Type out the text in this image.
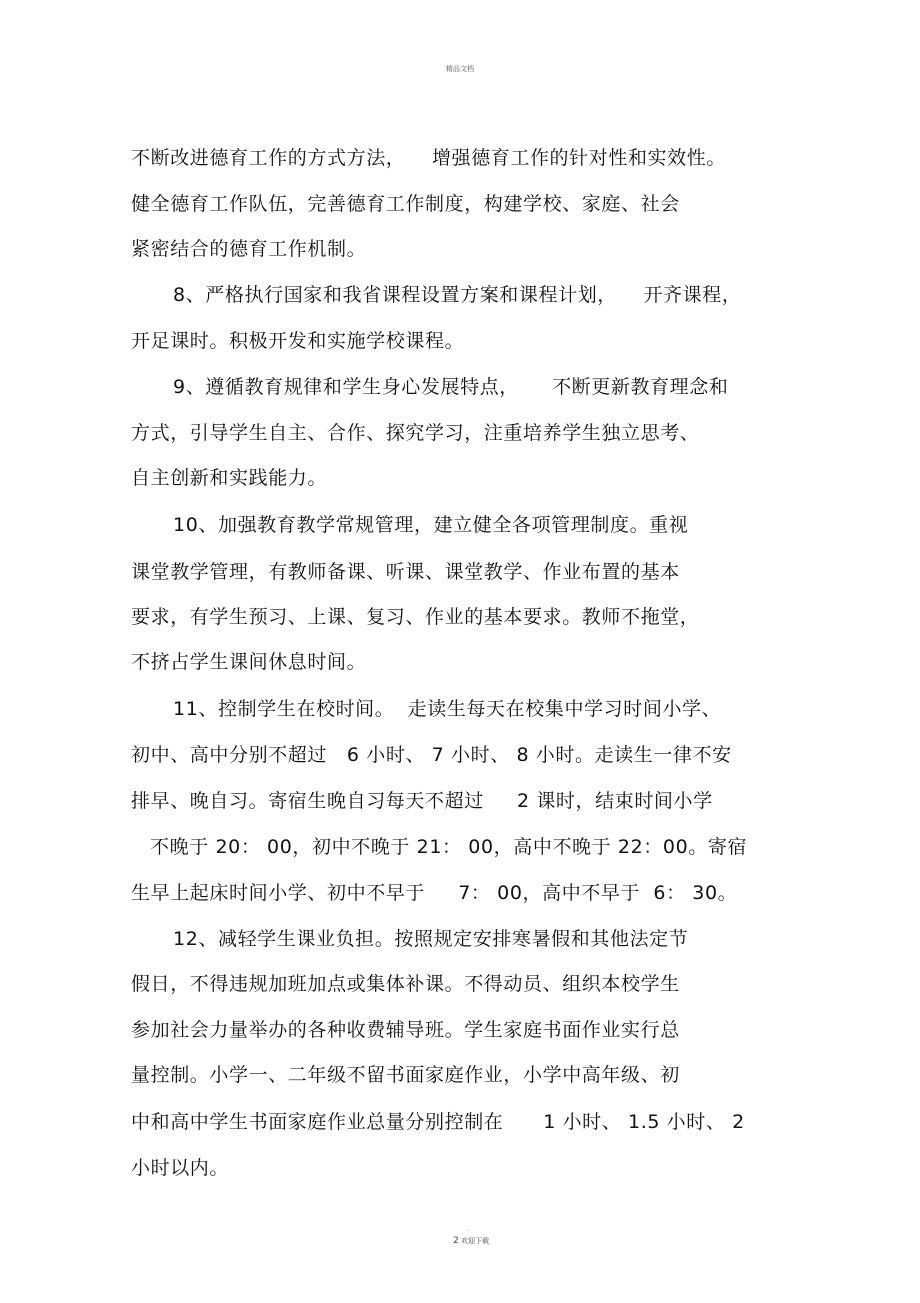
精品文档
不断改进德育工作的方式方法，    增强德育工作的针对性和实效性。
健全德育工作队伍，完善德育工作制度，构建学校、家庭、社会
紧密结合的德育工作机制。
8、严格执行国家和我省课程设置方案和课程计划，    开齐课程，
开足课时。积极开发和实施学校课程。
9、遵循教育规律和学生身心发展特点，     不断更新教育理念和
方式，引导学生自主、合作、探究学习，注重培养学生独立思考、
自主创新和实践能力。
10、加强教育教学常规管理，建立健全各项管理制度。重视
课堂教学管理，有教师备课、听课、课堂教学、作业布置的基本
要求，有学生预习、上课、复习、作业的基本要求。教师不拖堂，
不挤占学生课间休息时间。
11、控制学生在校时间。  走读生每天在校集中学习时间小学、
初中、高中分别不超过   6 小时、 7 小时、 8 小时。走读生一律不安
排早、晚自习。寄宿生晚自习每天不超过     2 课时，结束时间小学
不晚于 20： 00，初中不晚于 21： 00，高中不晚于 22：00。寄宿
生早上起床时间小学、初中不早于     7： 00，高中不早于  6： 30。
12、减轻学生课业负担。按照规定安排寒暑假和其他法定节
假日，不得违规加班加点或集体补课。不得动员、组织本校学生
参加社会力量举办的各种收费辅导班。学生家庭书面作业实行总
量控制。小学一、二年级不留书面家庭作业，小学中高年级、初
中和高中学生书面家庭作业总量分别控制在      1 小时、 1.5 小时、 2
小时以内。
.
2 欢迎下载
